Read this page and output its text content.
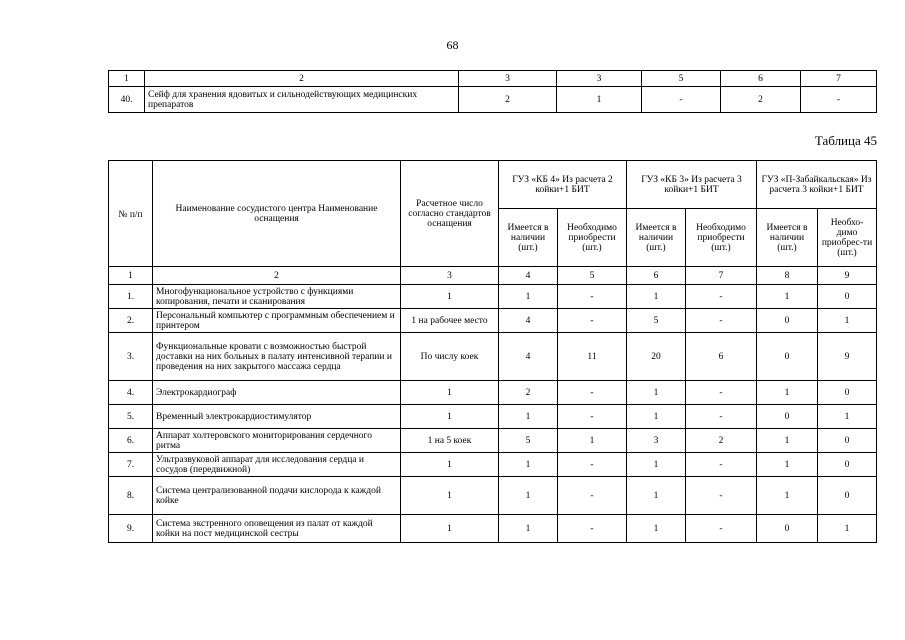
68
1	2	3	3	5	6	7
40.	Сейф для хранения ядовитых и сильнодействующих медицинских препаратов	2	1	-	2	-
Таблица 45
№ п/п	Наименование сосудистого центра Наименование оснащения	Расчетное число согласно стандартов оснащения	ГУЗ «КБ 4» Из расчета 2 койки+1 БИТ		ГУЗ «КБ 3» Из расчета 3 койки+1 БИТ		ГУЗ «П-Забайкальская» Из расчета 3 койки+1 БИТ	
			Имеется в наличии (шт.)	Необходимо приобрести (шт.)	Имеется в наличии (шт.)	Необходимо приобрести (шт.)	Имеется в наличии (шт.)	Необхо-димо приобрес-ти (шт.)
1	2	3	4	5	6	7	8	9
1.	Многофункциональное устройство с функциями копирования, печати и сканирования	1	1	-	1	-	1	0
2.	Персональный компьютер с программным обеспечением и принтером	1 на рабочее место	4	-	5	-	0	1
3.	Функциональные кровати с возможностью быстрой доставки на них больных в палату интенсивной терапии и проведения на них закрытого массажа сердца	По числу коек	4	11	20	6	0	9
4.	Электрокардиограф	1	2	-	1	-	1	0
5.	Временный электрокардиостимулятор	1	1	-	1	-	0	1
6.	Аппарат холтеровского мониторирования сердечного ритма	1 на 5 коек	5	1	3	2	1	0
7.	Ультразвуковой аппарат для исследования сердца и сосудов (передвижной)	1	1	-	1	-	1	0
8.	Система централизованной подачи кислорода к каждой койке	1	1	-	1	-	1	0
9.	Система экстренного оповещения из палат от каждой койки на пост медицинской сестры	1	1	-	1	-	0	1
